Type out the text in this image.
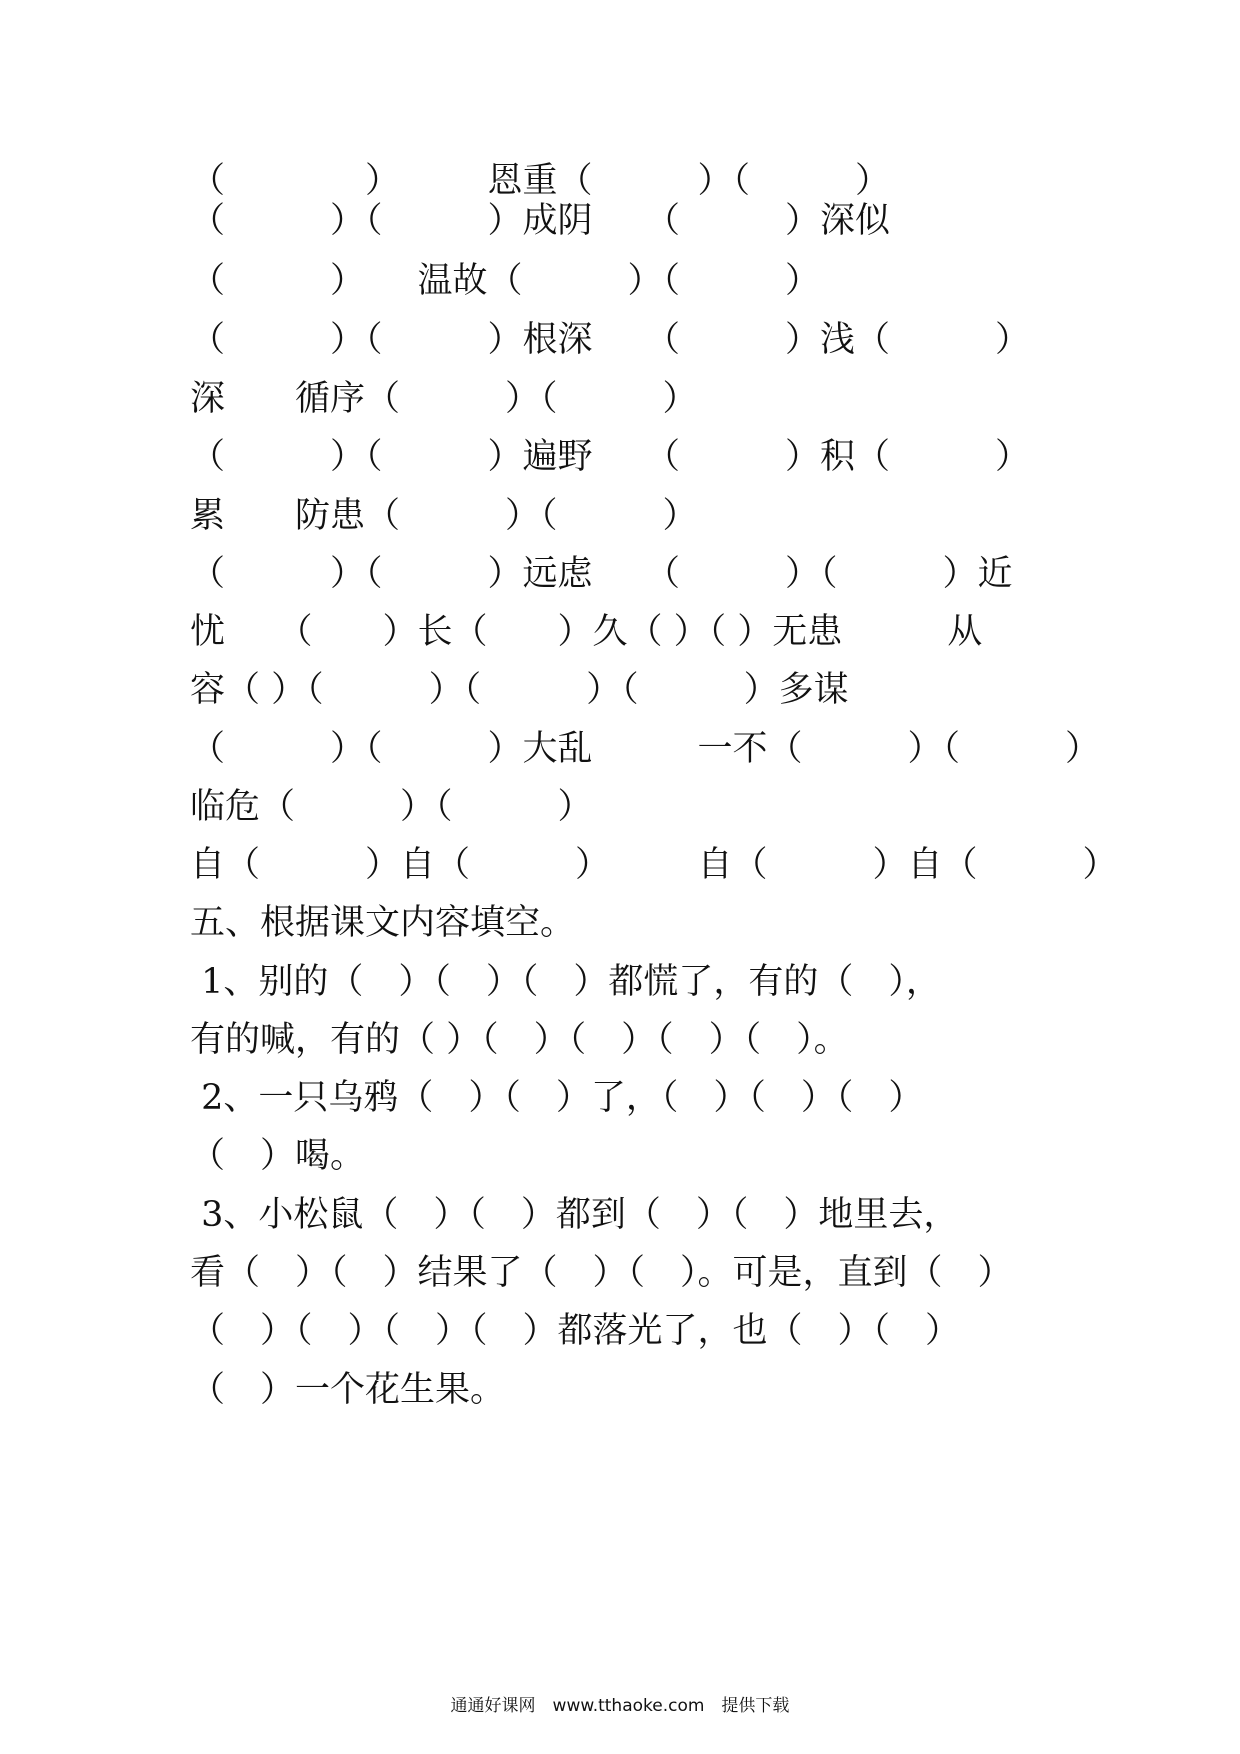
（　　　　）　　　恩重（　　　）（　　　）
（　　　）（　　　）成阴　　（　　　）深似
（　　　）　　温故（　　　）（　　　）
（　　　）（　　　）根深　　（　　　）浅（　　　）
深　　循序（　　　）（　　　）
（　　　）（　　　）遍野　　（　　　）积（　　　）
累　　防患（　　　）（　　　）
（　　　）（　　　）远虑　　（　　　）（　　　）近
忧　　（　　）长（　　）久（ ）（ ）无患　　　从
容（ ）（　　　）（　　　）（　　　）多谋
（　　　）（　　　）大乱　　　一不（　　　）（　　　）
临危（　　　）（　　　）
自（　　　）自（　　　）　　　自（　　　）自（　　　）
五、根据课文内容填空。
1、别的（　）（　）（　）都慌了，有的（　），
有的喊，有的（ ）（　）（　）（　）（　）。
2、一只乌鸦（　）（　）了，（　）（　）（　）
（　）喝。
3、小松鼠（　）（　）都到（　）（　）地里去，
看（　）（　）结果了（　）（　）。可是，直到（　）
（　）（　）（　）（　）都落光了，也（　）（　）
（　）一个花生果。
通通好课网　www.tthaoke.com　提供下载
